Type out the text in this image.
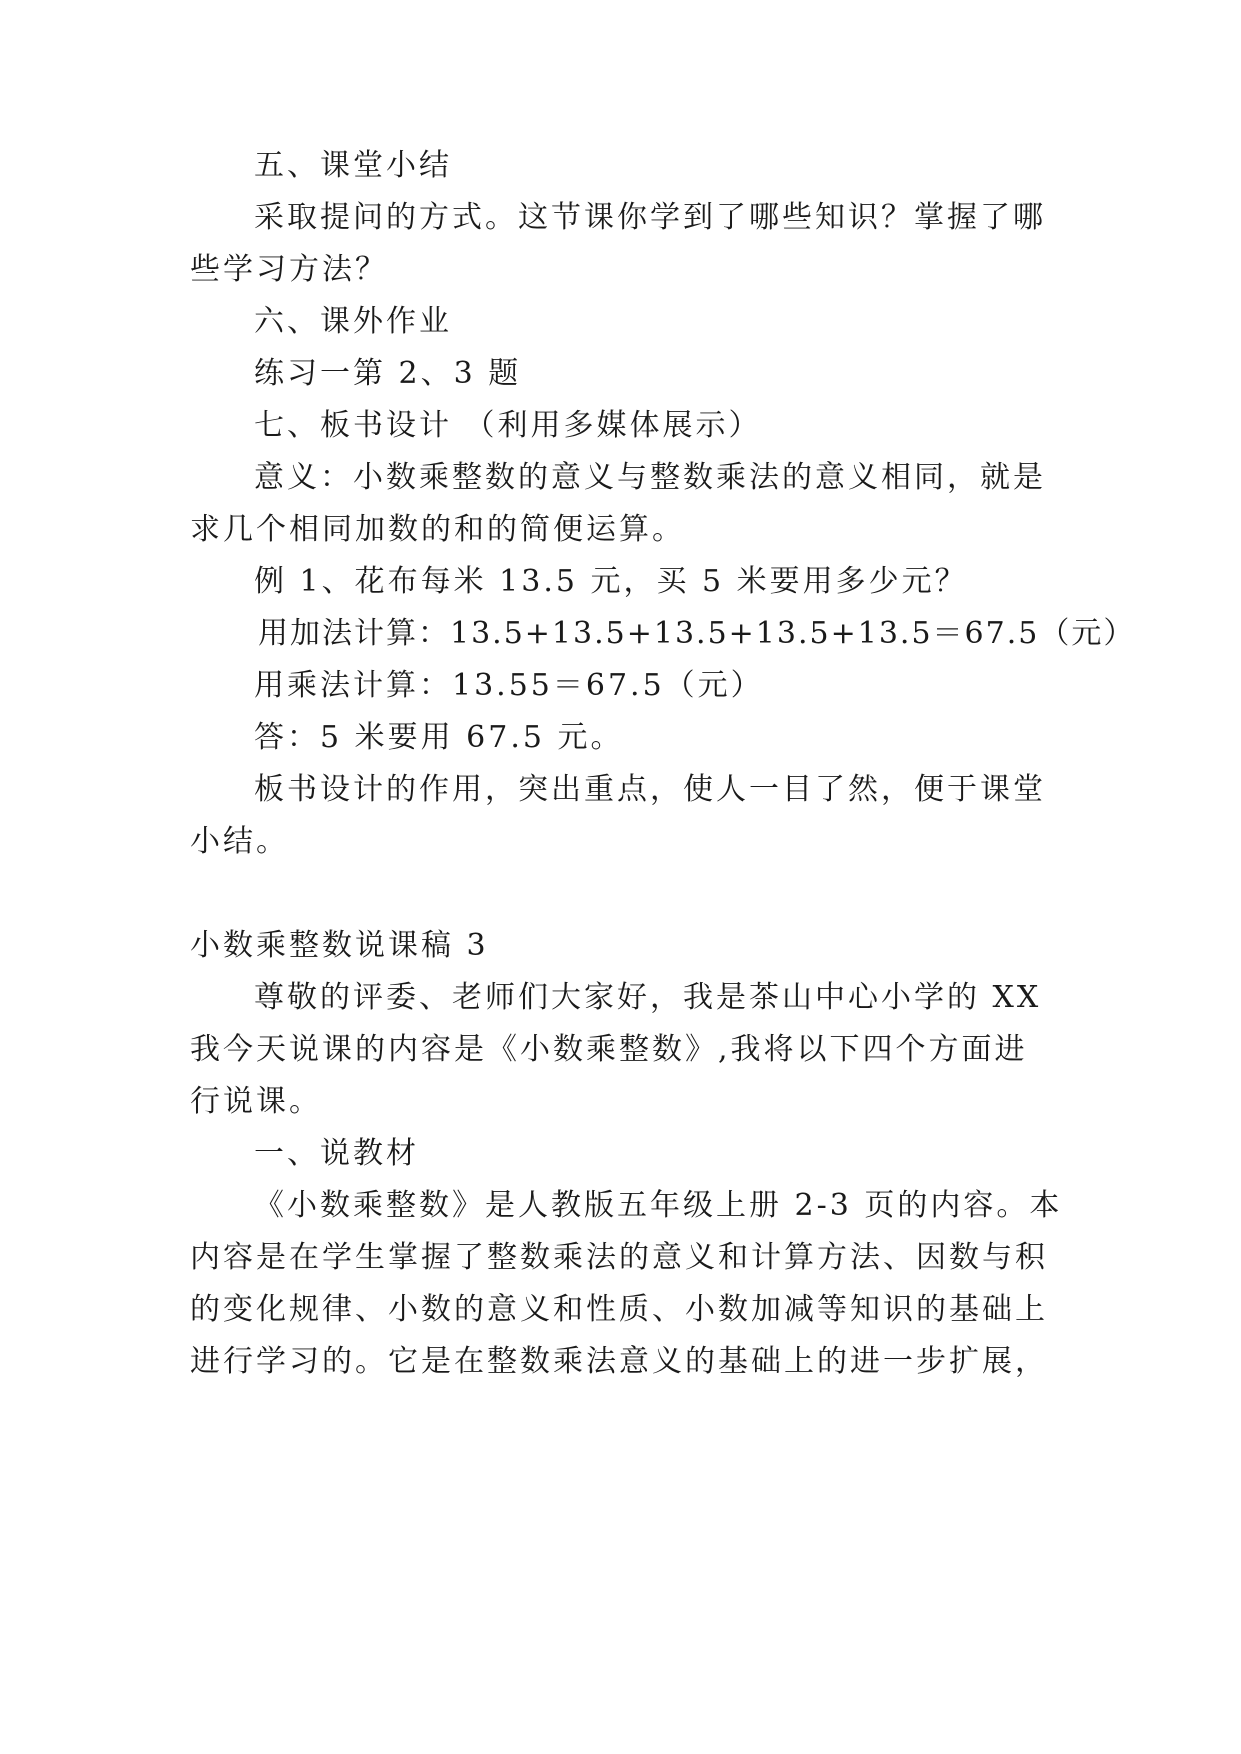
五、课堂小结
采取提问的方式。这节课你学到了哪些知识？掌握了哪
些学习方法？
六、课外作业
练习一第 2、3 题
七、板书设计 （利用多媒体展示）
意义：小数乘整数的意义与整数乘法的意义相同，就是
求几个相同加数的和的简便运算。
例 1、花布每米 13.5 元，买 5 米要用多少元？
用加法计算：13.5+13.5+13.5+13.5+13.5＝67.5（元）
用乘法计算：13.55＝67.5（元）
答：5 米要用 67.5 元。
板书设计的作用，突出重点，使人一目了然，便于课堂
小结。
小数乘整数说课稿 3
尊敬的评委、老师们大家好，我是茶山中心小学的 XX
我今天说课的内容是《小数乘整数》,我将以下四个方面进
行说课。
一、说教材
《小数乘整数》是人教版五年级上册 2-3 页的内容。本
内容是在学生掌握了整数乘法的意义和计算方法、因数与积
的变化规律、小数的意义和性质、小数加减等知识的基础上
进行学习的。它是在整数乘法意义的基础上的进一步扩展，
